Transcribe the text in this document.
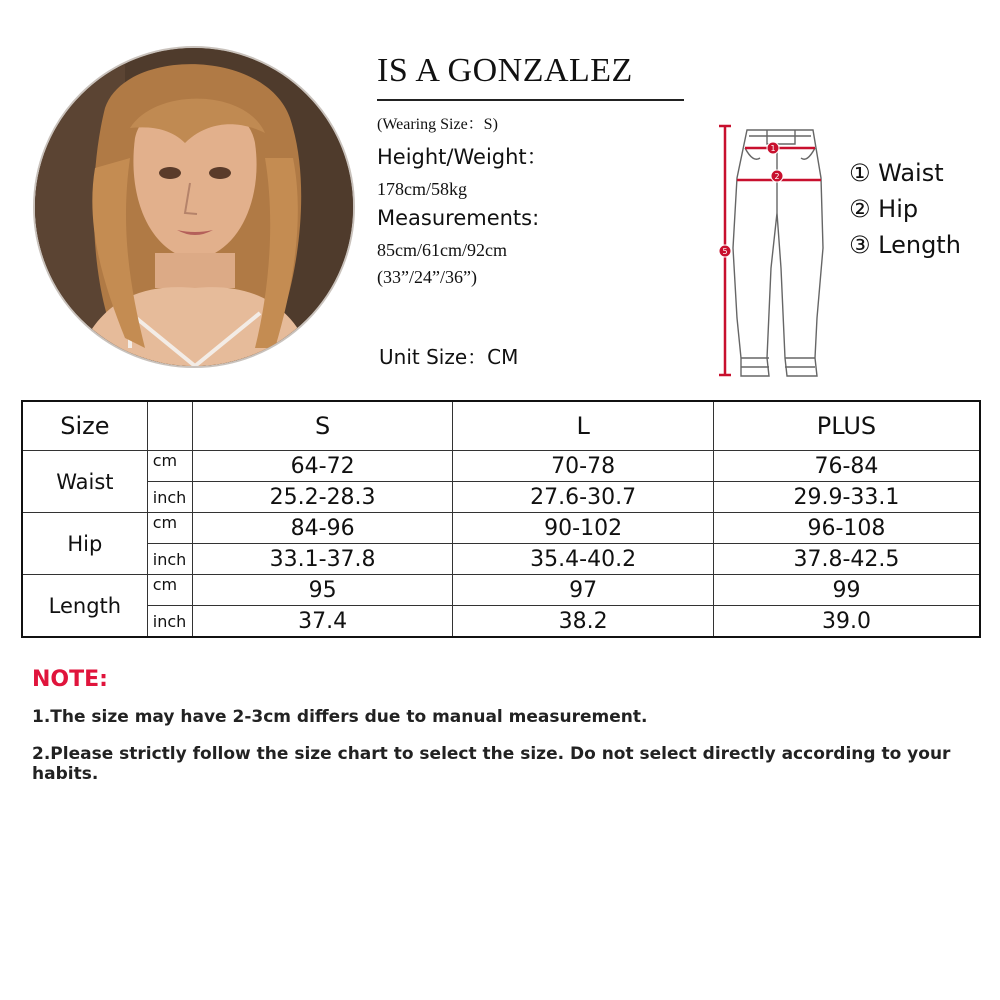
IS A GONZALEZ
(Wearing Size：S)
Height/Weight：
178cm/58kg
Measurements:
85cm/61cm/92cm
(33”/24”/36”)
Unit Size：CM
1
2
5
① Waist
② Hip
③ Length
Size		S	L	PLUS
Waist	cm	64-72	70-78	76-84
	inch	25.2-28.3	27.6-30.7	29.9-33.1
Hip	cm	84-96	90-102	96-108
	inch	33.1-37.8	35.4-40.2	37.8-42.5
Length	cm	95	97	99
	inch	37.4	38.2	39.0
NOTE:
1.The size may have 2-3cm differs due to manual measurement.
2.Please strictly follow the size chart to select the size. Do not select directly according to your habits.
